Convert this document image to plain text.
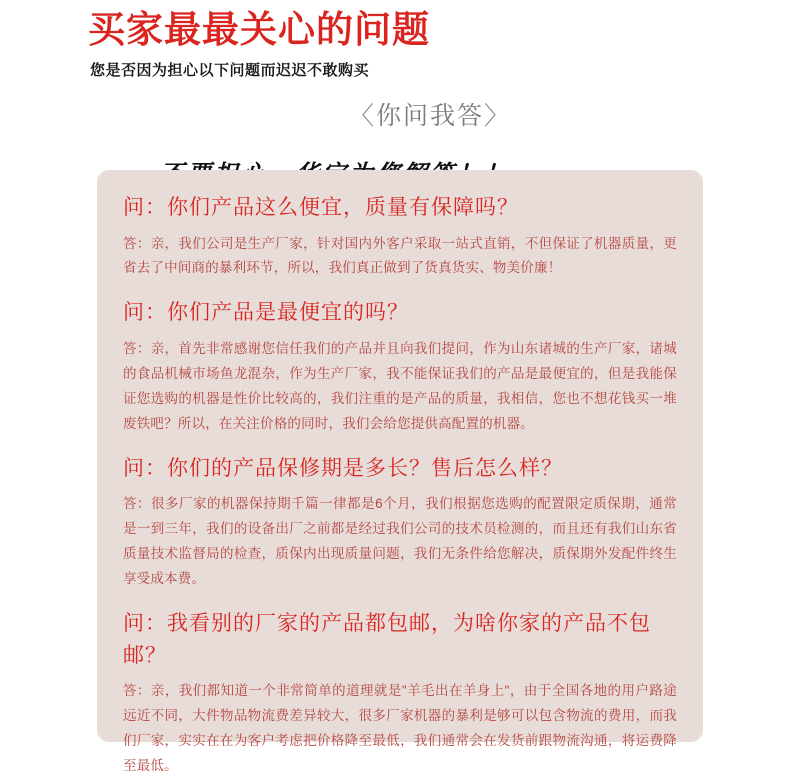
买家最最关心的问题
您是否因为担心以下问题而迟迟不敢购买
〈你问我答〉
问：你们产品这么便宜，质量有保障吗？
答：亲，我们公司是生产厂家，针对国内外客户采取一站式直销，不但保证了机器质量，更省去了中间商的暴利环节，所以，我们真正做到了货真货实、物美价廉！
问：你们产品是最便宜的吗？
答：亲，首先非常感谢您信任我们的产品并且向我们提问，作为山东诸城的生产厂家，诸城的食品机械市场鱼龙混杂，作为生产厂家，我不能保证我们的产品是最便宜的，但是我能保证您选购的机器是性价比较高的，我们注重的是产品的质量，我相信，您也不想花钱买一堆废铁吧？所以，在关注价格的同时，我们会给您提供高配置的机器。
问：你们的产品保修期是多长？售后怎么样？
答：很多厂家的机器保持期千篇一律都是6个月，我们根据您选购的配置限定质保期，通常是一到三年，我们的设备出厂之前都是经过我们公司的技术员检测的，而且还有我们山东省质量技术监督局的检查，质保内出现质量问题，我们无条件给您解决，质保期外发配件终生享受成本费。
问：我看别的厂家的产品都包邮，为啥你家的产品不包邮？
答：亲，我们都知道一个非常简单的道理就是"羊毛出在羊身上"，由于全国各地的用户路途远近不同，大件物品物流费差异较大，很多厂家机器的暴利是够可以包含物流的费用，而我们厂家，实实在在为客户考虑把价格降至最低，我们通常会在发货前跟物流沟通，将运费降至最低。
